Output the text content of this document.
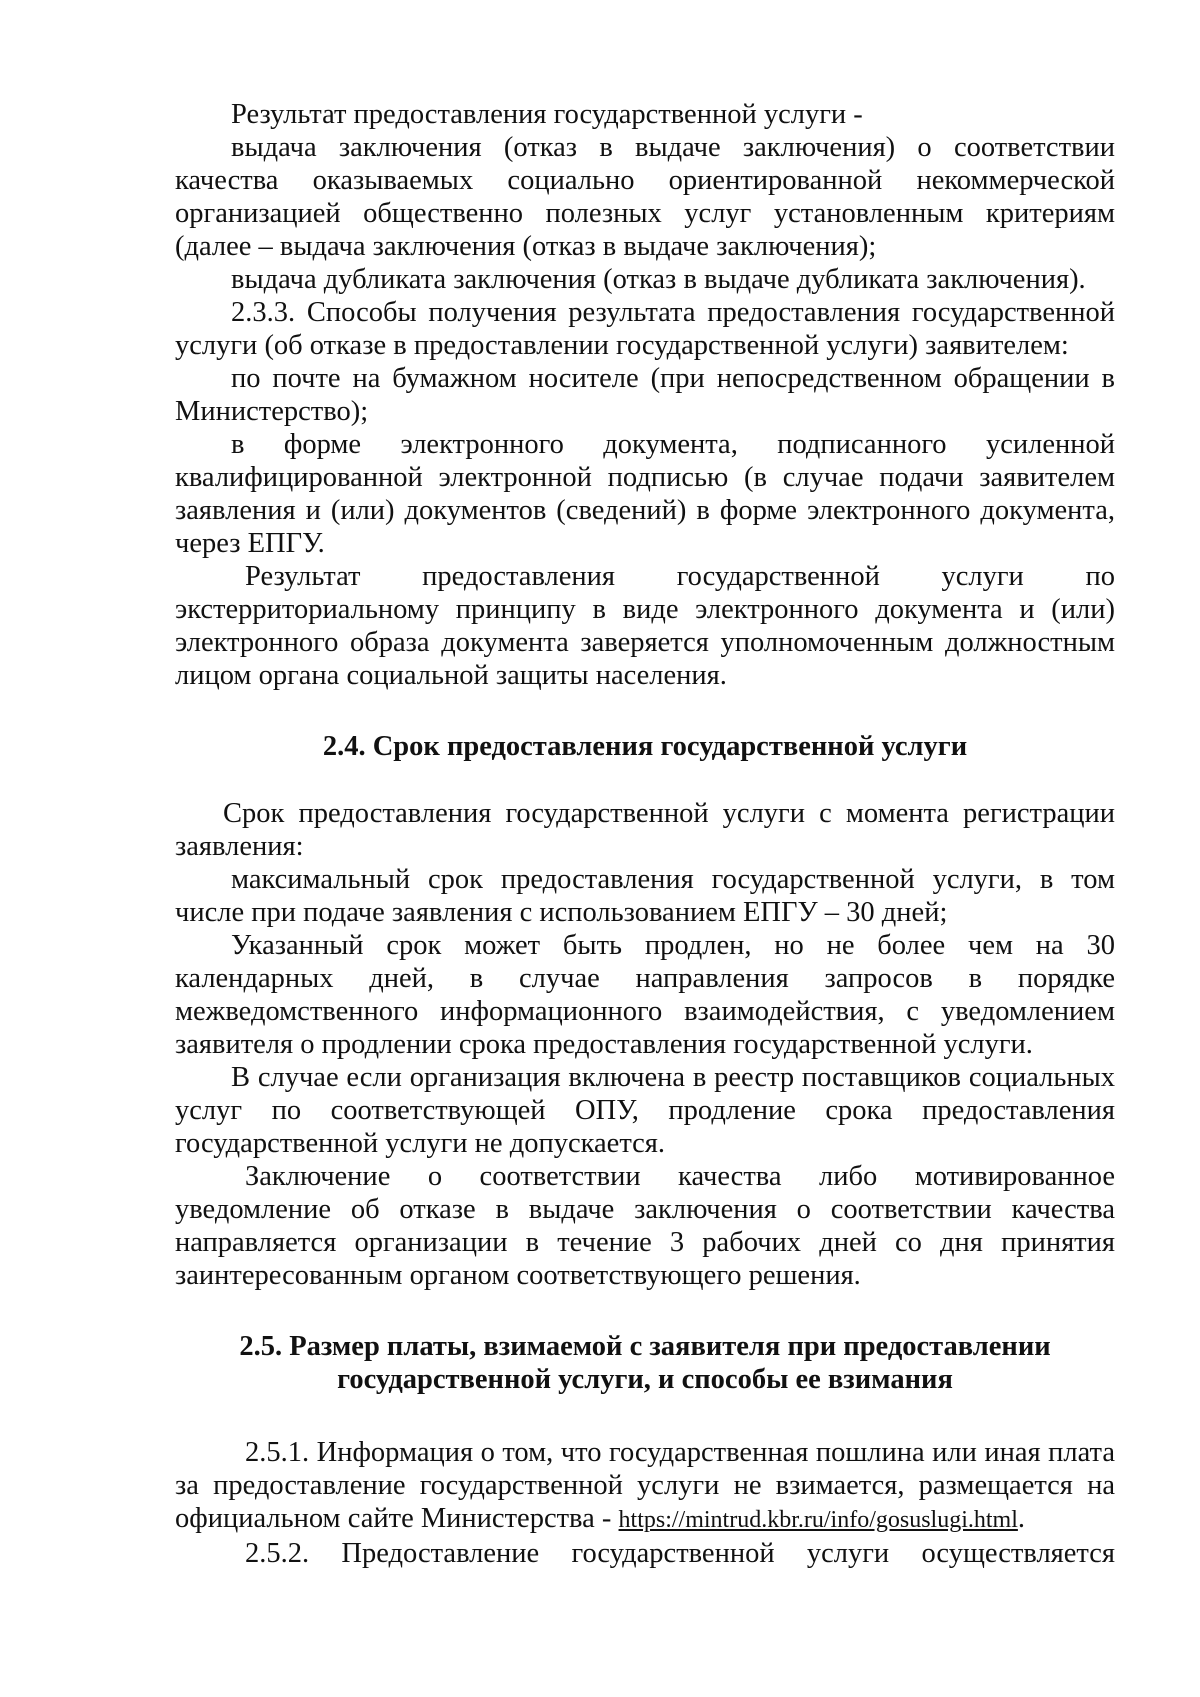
Результат предоставления государственной услуги -

выдача заключения (отказ в выдаче заключения) о соответствии качества оказываемых социально ориентированной некоммерческой организацией общественно полезных услуг установленным критериям (далее – выдача заключения (отказ в выдаче заключения);

выдача дубликата заключения (отказ в выдаче дубликата заключения).

2.3.3. Способы получения результата предоставления государственной услуги (об отказе в предоставлении государственной услуги) заявителем:

по почте на бумажном носителе (при непосредственном обращении в Министерство);

в форме электронного документа, подписанного усиленной квалифицированной электронной подписью (в случае подачи заявителем заявления и (или) документов (сведений) в форме электронного документа, через ЕПГУ.

Результат предоставления государственной услуги по экстерриториальному принципу в виде электронного документа и (или) электронного образа документа заверяется уполномоченным должностным лицом органа социальной защиты населения.

2.4. Срок предоставления государственной услуги

Срок предоставления государственной услуги с момента регистрации заявления:

максимальный срок предоставления государственной услуги, в том числе при подаче заявления с использованием ЕПГУ – 30 дней;

Указанный срок может быть продлен, но не более чем на 30 календарных дней, в случае направления запросов в порядке межведомственного информационного взаимодействия, с уведомлением заявителя о продлении срока предоставления государственной услуги.

В случае если организация включена в реестр поставщиков социальных услуг по соответствующей ОПУ, продление срока предоставления государственной услуги не допускается.

Заключение о соответствии качества либо мотивированное уведомление об отказе в выдаче заключения о соответствии качества направляется организации в течение 3 рабочих дней со дня принятия заинтересованным органом соответствующего решения.

2.5. Размер платы, взимаемой с заявителя при предоставлении

государственной услуги, и способы ее взимания

2.5.1. Информация о том, что государственная пошлина или иная плата за предоставление государственной услуги не взимается, размещается на официальном сайте Министерства - https://mintrud.kbr.ru/info/gosuslugi.html.

2.5.2. Предоставление государственной услуги осуществляется
